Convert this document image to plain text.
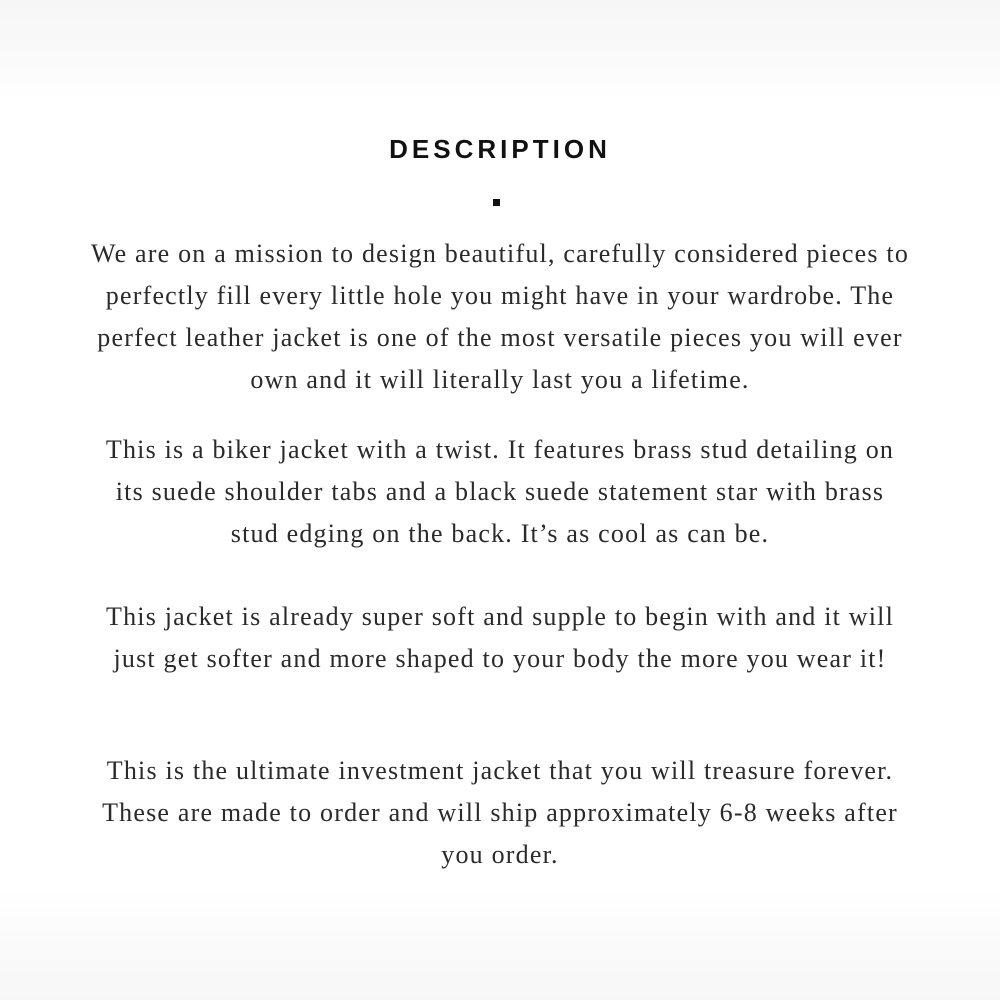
DESCRIPTION

We are on a mission to design beautiful, carefully considered pieces to perfectly fill every little hole you might have in your wardrobe. The perfect leather jacket is one of the most versatile pieces you will ever own and it will literally last you a lifetime.

This is a biker jacket with a twist. It features brass stud detailing on its suede shoulder tabs and a black suede statement star with brass stud edging on the back. It’s as cool as can be.

This jacket is already super soft and supple to begin with and it will just get softer and more shaped to your body the more you wear it!

This is the ultimate investment jacket that you will treasure forever. These are made to order and will ship approximately 6-8 weeks after you order.
